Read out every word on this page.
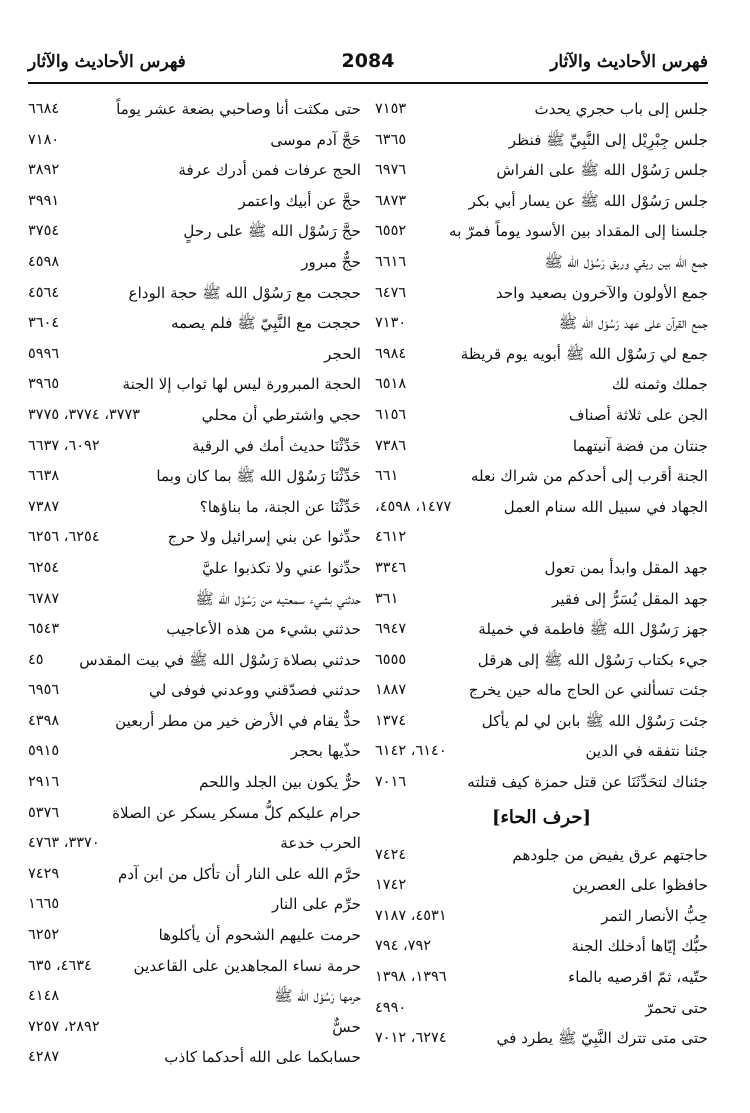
فهرس الأحاديث والآثار
2084
فهرس الأحاديث والآثار
جلس إلى باب حجري يحدث
٧١٥٣
جلس جِبْرِيْل إلى النَّبِيِّ ﷺ فنظر
٦٣٦٥
جلس رَسُوْل الله ﷺ على الفراش
٦٩٧٦
جلس رَسُوْل الله ﷺ عن يسار أبي بكر
٦٨٧٣
جلسنا إلى المقداد بين الأسود يوماً فمرّ به
٦٥٥٢
جمع الله بين ريقي وريق رَسُوْل الله ﷺ
٦٦١٦
جمع الأولون والآخرون بصعيد واحد
٦٤٧٦
جمع القرآن على عهد رَسُوْل الله ﷺ
٧١٣٠
جمع لي رَسُوْل الله ﷺ أبويه يوم قريظة
٦٩٨٤
جملك وثمنه لك
٦٥١٨
الجن على ثلاثة أصناف
٦١٥٦
جنتان من فضة آنيتهما
٧٣٨٦
الجنة أقرب إلى أحدكم من شراك نعله
٦٦١
الجهاد في سبيل الله سنام العمل
١٤٧٧، ٤٥٩٨،
٤٦١٢
جهد المقل وابدأ بمن تعول
٣٣٤٦
جهد المقل يُسَرُّ إلى فقير
٣٦١
جهز رَسُوْل الله ﷺ فاطمة في خميلة
٦٩٤٧
جيء بكتاب رَسُوْل الله ﷺ إلى هرقل
٦٥٥٥
جئت تسألني عن الحاج ماله حين يخرج
١٨٨٧
جئت رَسُوْل الله ﷺ بابن لي لم يأكل
١٣٧٤
جئنا نتفقه في الدين
٦١٤٠، ٦١٤٢
جئناك لتحَدِّثَنَا عن قتل حمزة كيف قتلته
٧٠١٦
[حرف الحاء]
حاجتهم عرق يفيض من جلودهم
٧٤٢٤
حافظوا على العصرين
١٧٤٢
حِبُّ الأنصار التمر
٤٥٣١، ٧١٨٧
حبُّك إيّاها أدخلك الجنة
٧٩٢، ٧٩٤
حتّيه، ثمّ اقرصيه بالماء
١٣٩٦، ١٣٩٨
حتى تحمرّ
٤٩٩٠
حتى متى تترك النَّبِيّ ﷺ يطرد في
٦٢٧٤، ٧٠١٢
حتى مكثت أنا وصاحبي بضعة عشر يوماً
٦٦٨٤
حَجَّ آدم موسى
٧١٨٠
الحج عرفات فمن أدرك عرفة
٣٨٩٢
حجَّ عن أبيك واعتمر
٣٩٩١
حجَّ رَسُوْل الله ﷺ على رحلٍ
٣٧٥٤
حجٌّ مبرور
٤٥٩٨
حججت مع رَسُوْل الله ﷺ حجة الوداع
٤٥٦٤
حججت مع النَّبِيّ ﷺ فلم يصمه
٣٦٠٤
الحجر
٥٩٩٦
الحجة المبرورة ليس لها ثواب إلا الجنة
٣٩٦٥
حجي واشترطي أن محلي
٣٧٧٣، ٣٧٧٤، ٣٧٧٥
حَدِّثْنَا حديث أمك في الرقية
٦٠٩٢، ٦٦٣٧
حَدِّثْنَا رَسُوْل الله ﷺ بما كان وبما
٦٦٣٨
حَدِّثْنَا عن الجنة، ما بناؤها؟
٧٣٨٧
حدِّثوا عن بني إسرائيل ولا حرج
٦٢٥٤، ٦٢٥٦
حدِّثوا عني ولا تكذبوا عليَّ
٦٢٥٤
حدثني بشيء سمعتيه من رَسُوْل الله ﷺ
٦٧٨٧
حدثني بشيء من هذه الأعاجيب
٦٥٤٣
حدثني بصلاة رَسُوْل الله ﷺ في بيت المقدس
٤٥
حدثني فصدّقني ووعدني فوفى لي
٦٩٥٦
حدٌّ يقام في الأرض خير من مطر أربعين
٤٣٩٨
حذّيها بحجر
٥٩١٥
حرٌّ يكون بين الجلد واللحم
٢٩١٦
حرام عليكم كلُّ مسكر يسكر عن الصلاة
٥٣٧٦
الحرب خدعة
٣٣٧٠، ٤٧٦٣
حرَّم الله على النار أن تأكل من ابن آدم
٧٤٢٩
حرِّم على النار
١٦٦٥
حرمت عليهم الشحوم أن يأكلوها
٦٢٥٢
حرمة نساء المجاهدين على القاعدين
٤٦٣٤، ٦٣٥
حرمها رَسُوْل الله ﷺ
٤١٤٨
حسٌّ
٢٨٩٢، ٧٢٥٧
حسابكما على الله أحدكما كاذب
٤٢٨٧
